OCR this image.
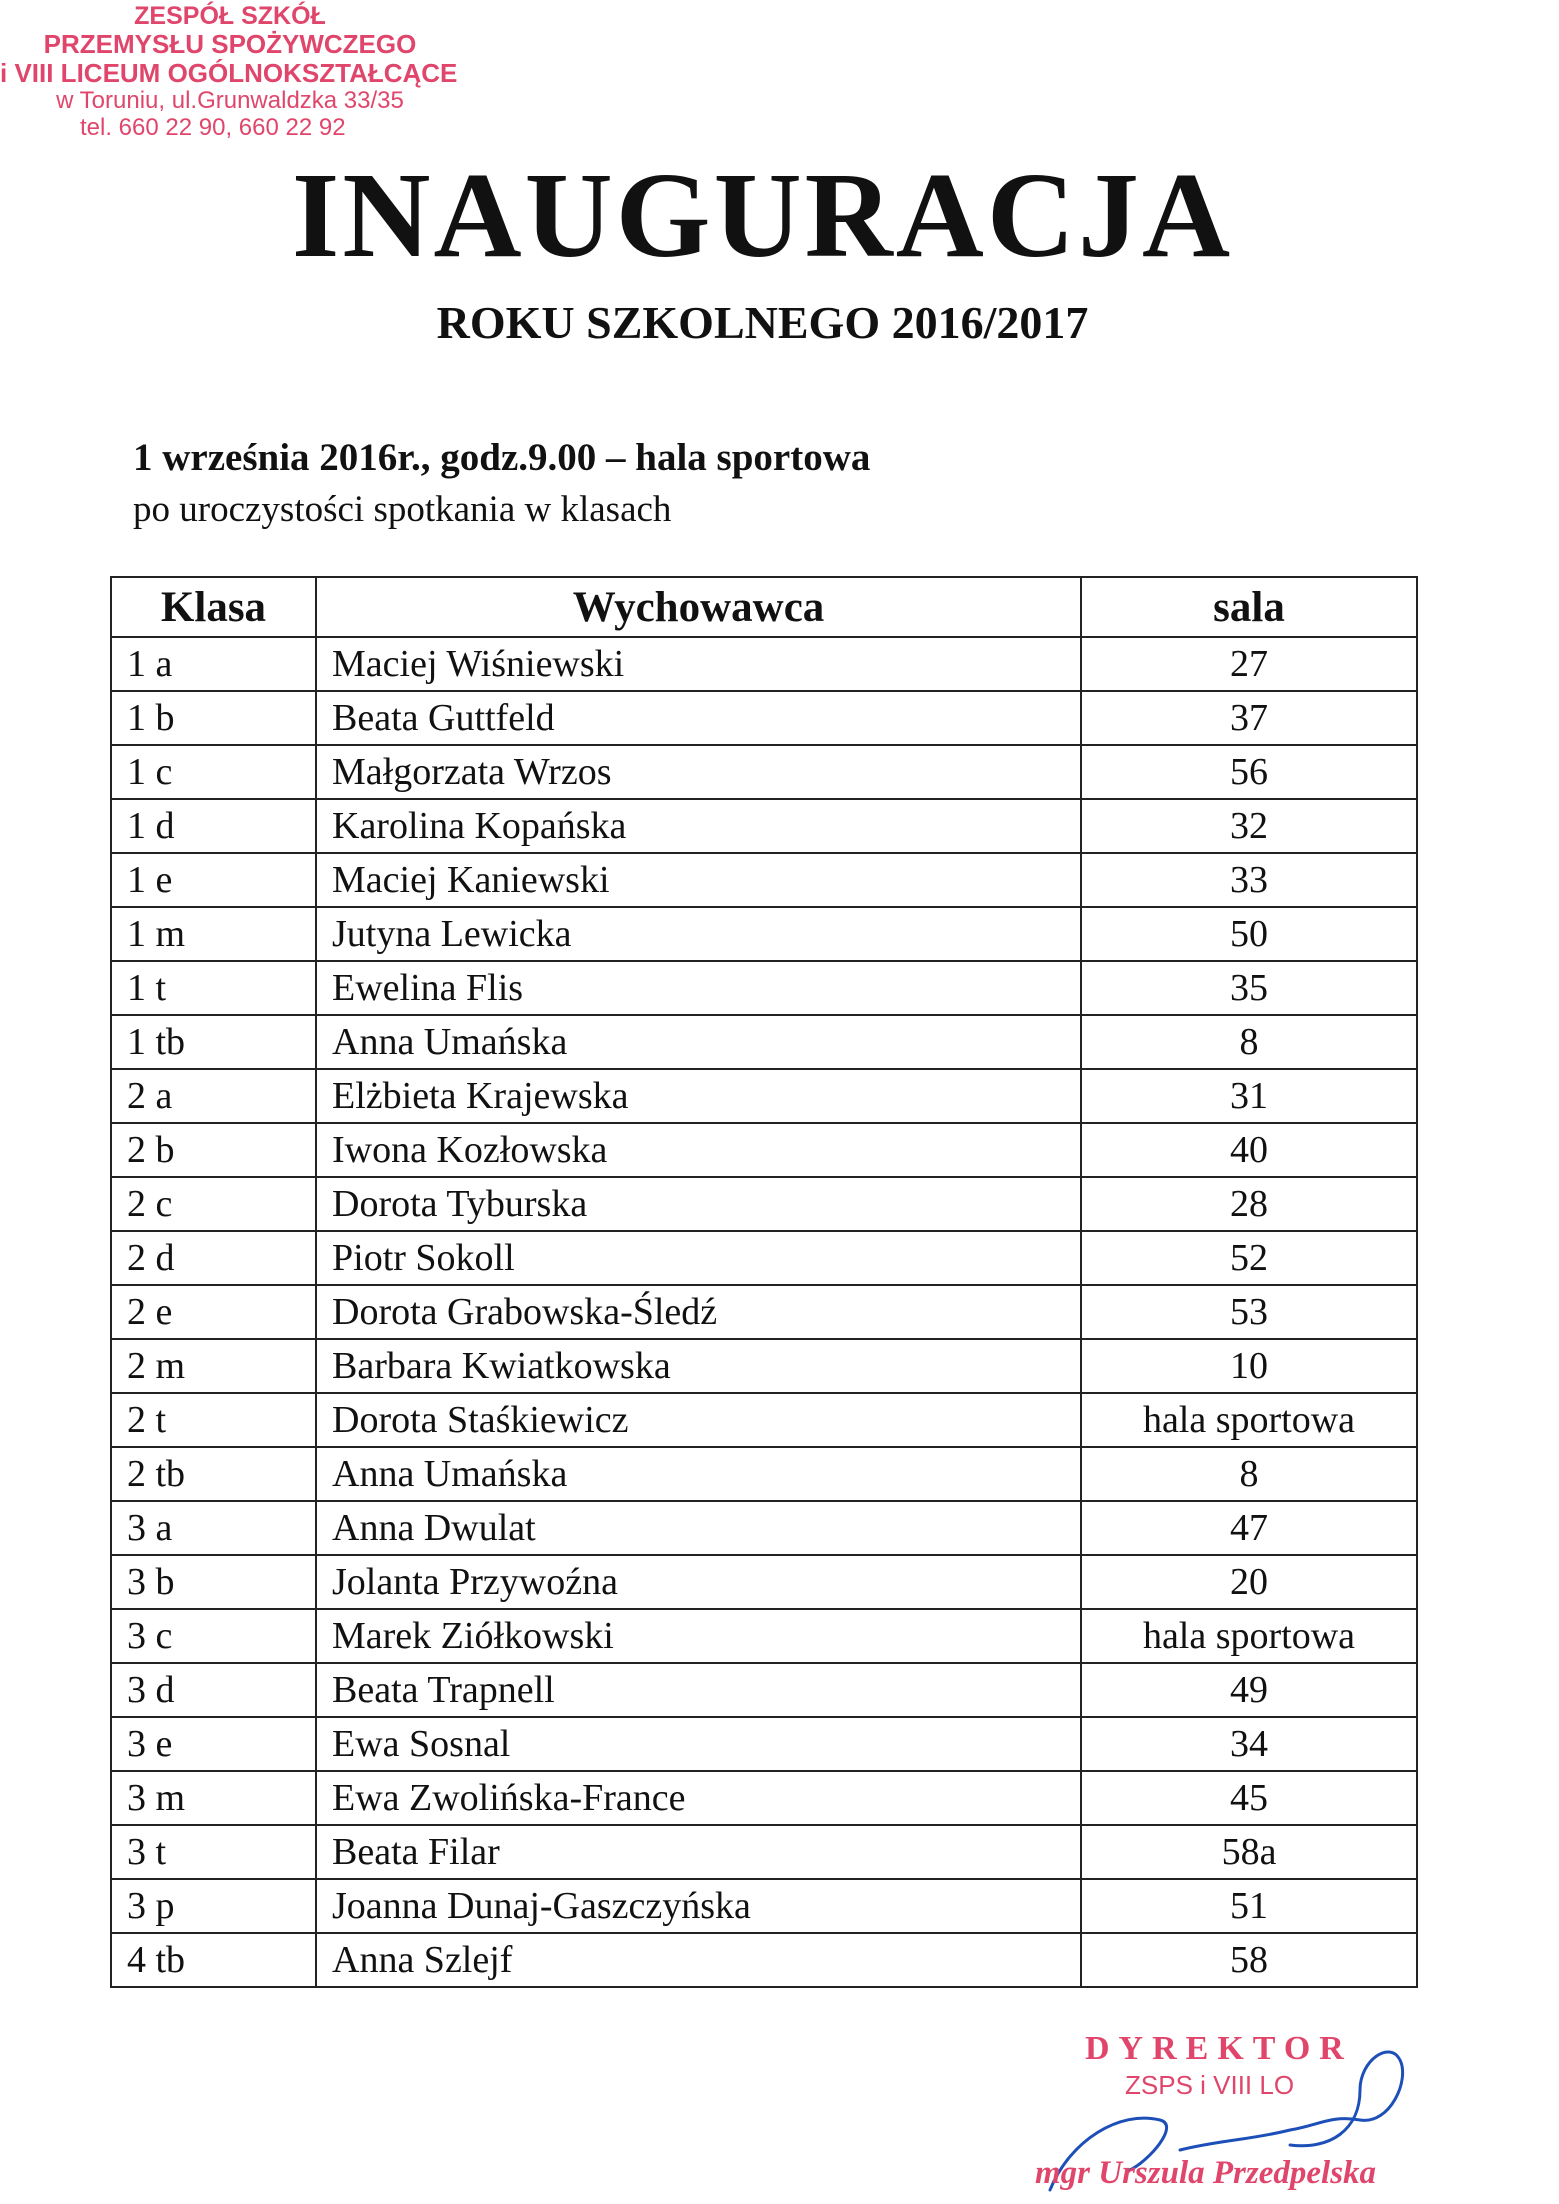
ZESPÓŁ SZKÓŁ
PRZEMYSŁU SPOŻYWCZEGO
i VIII LICEUM OGÓLNOKSZTAŁCĄCE
w Toruniu, ul.Grunwaldzka 33/35
tel. 660 22 90, 660 22 92
INAUGURACJA
ROKU SZKOLNEGO 2016/2017
1 września 2016r., godz.9.00 – hala sportowa
po uroczystości spotkania w klasach
Klasa	Wychowawca	sala
1 a	Maciej Wiśniewski	27
1 b	Beata Guttfeld	37
1 c	Małgorzata Wrzos	56
1 d	Karolina Kopańska	32
1 e	Maciej Kaniewski	33
1 m	Jutyna Lewicka	50
1 t	Ewelina Flis	35
1 tb	Anna Umańska	8
2 a	Elżbieta Krajewska	31
2 b	Iwona Kozłowska	40
2 c	Dorota Tyburska	28
2 d	Piotr Sokoll	52
2 e	Dorota Grabowska-Śledź	53
2 m	Barbara Kwiatkowska	10
2 t	Dorota Staśkiewicz	hala sportowa
2 tb	Anna Umańska	8
3 a	Anna Dwulat	47
3 b	Jolanta Przywoźna	20
3 c	Marek Ziółkowski	hala sportowa
3 d	Beata Trapnell	49
3 e	Ewa Sosnal	34
3 m	Ewa Zwolińska-France	45
3 t	Beata Filar	58a
3 p	Joanna Dunaj-Gaszczyńska	51
4 tb	Anna Szlejf	58
DYREKTOR
ZSPS i VIII LO
mgr Urszula Przedpelska
